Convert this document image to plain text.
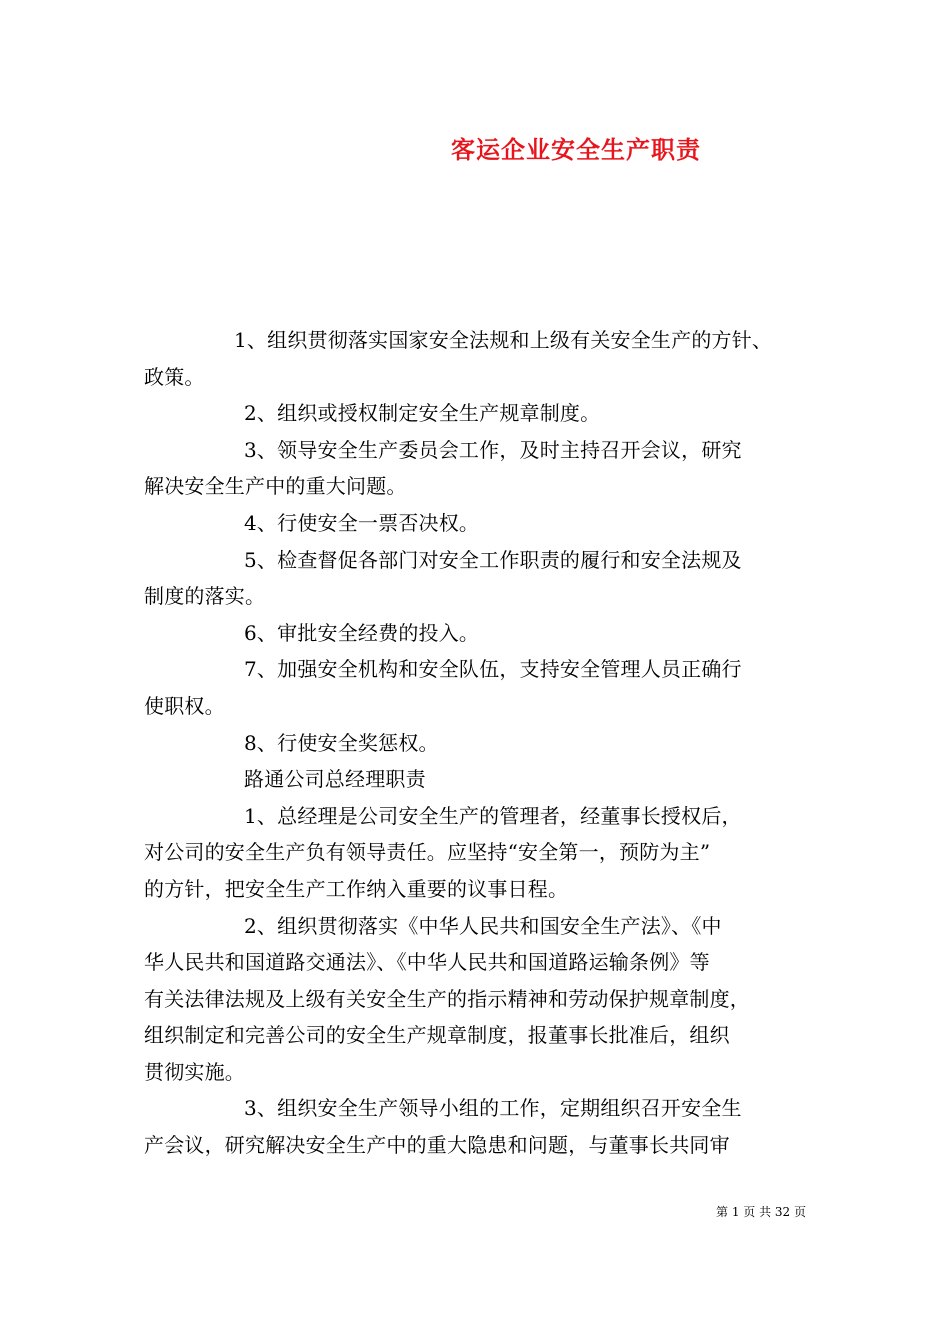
客运企业安全生产职责
1、组织贯彻落实国家安全法规和上级有关安全生产的方针、
政策。
2、组织或授权制定安全生产规章制度。
3、领导安全生产委员会工作，及时主持召开会议，研究
解决安全生产中的重大问题。
4、行使安全一票否决权。
5、检查督促各部门对安全工作职责的履行和安全法规及
制度的落实。
6、审批安全经费的投入。
7、加强安全机构和安全队伍，支持安全管理人员正确行
使职权。
8、行使安全奖惩权。
路通公司总经理职责
1、总经理是公司安全生产的管理者，经董事长授权后，
对公司的安全生产负有领导责任。应坚持“安全第一，预防为主”
的方针，把安全生产工作纳入重要的议事日程。
2、组织贯彻落实《中华人民共和国安全生产法》、《中
华人民共和国道路交通法》、《中华人民共和国道路运输条例》等
有关法律法规及上级有关安全生产的指示精神和劳动保护规章制度，
组织制定和完善公司的安全生产规章制度，报董事长批准后，组织
贯彻实施。
3、组织安全生产领导小组的工作，定期组织召开安全生
产会议，研究解决安全生产中的重大隐患和问题，与董事长共同审
第 1 页 共 32 页
